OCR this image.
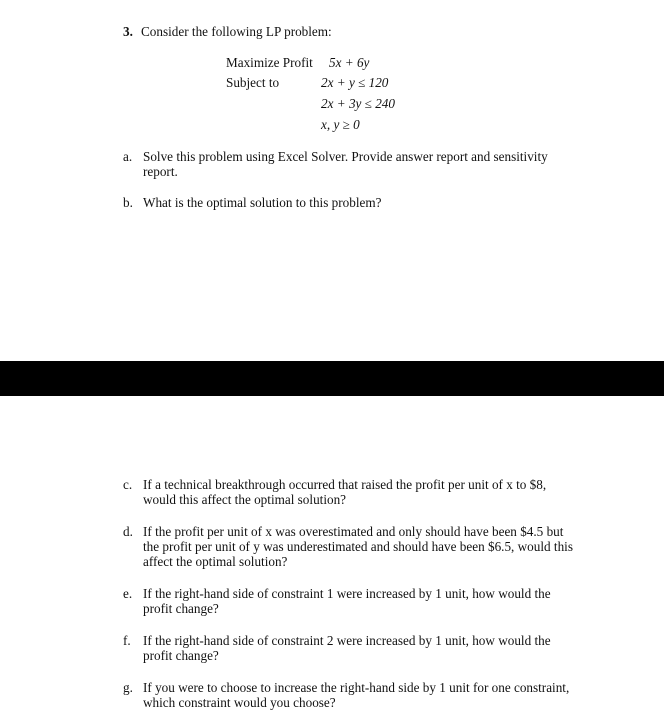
3. Consider the following LP problem:
Maximize Profit 5x + 6y
Subject to	2x + y ≤ 120
2x + 3y ≤ 240
x, y ≥ 0
a. Solve this problem using Excel Solver. Provide answer report and sensitivity
report.
b. What is the optimal solution to this problem?
c. If a technical breakthrough occurred that raised the profit per unit of x to $8,
would this affect the optimal solution?
d. If the profit per unit of x was overestimated and only should have been $4.5 but
the profit per unit of y was underestimated and should have been $6.5, would this
affect the optimal solution?
e. If the right-hand side of constraint 1 were increased by 1 unit, how would the
profit change?
f. If the right-hand side of constraint 2 were increased by 1 unit, how would the
profit change?
g. If you were to choose to increase the right-hand side by 1 unit for one constraint,
which constraint would you choose?
